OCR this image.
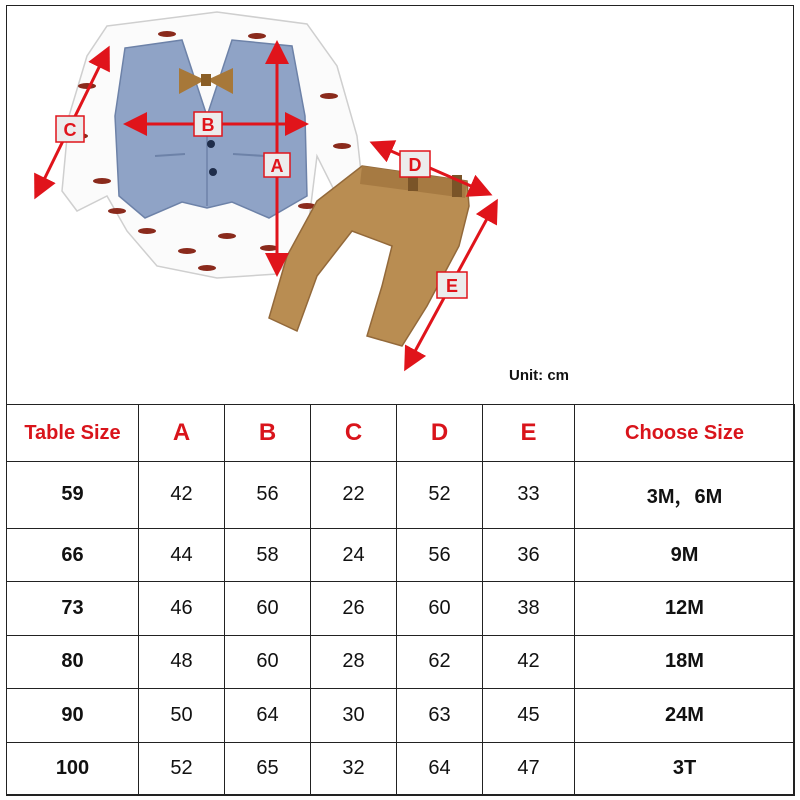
A
B
C
D
E
Unit: cm
Table Size	A	B	C	D	E	Choose Size
59	42	56	22	52	33	3M，6M
66	44	58	24	56	36	9M
73	46	60	26	60	38	12M
80	48	60	28	62	42	18M
90	50	64	30	63	45	24M
100	52	65	32	64	47	3T
